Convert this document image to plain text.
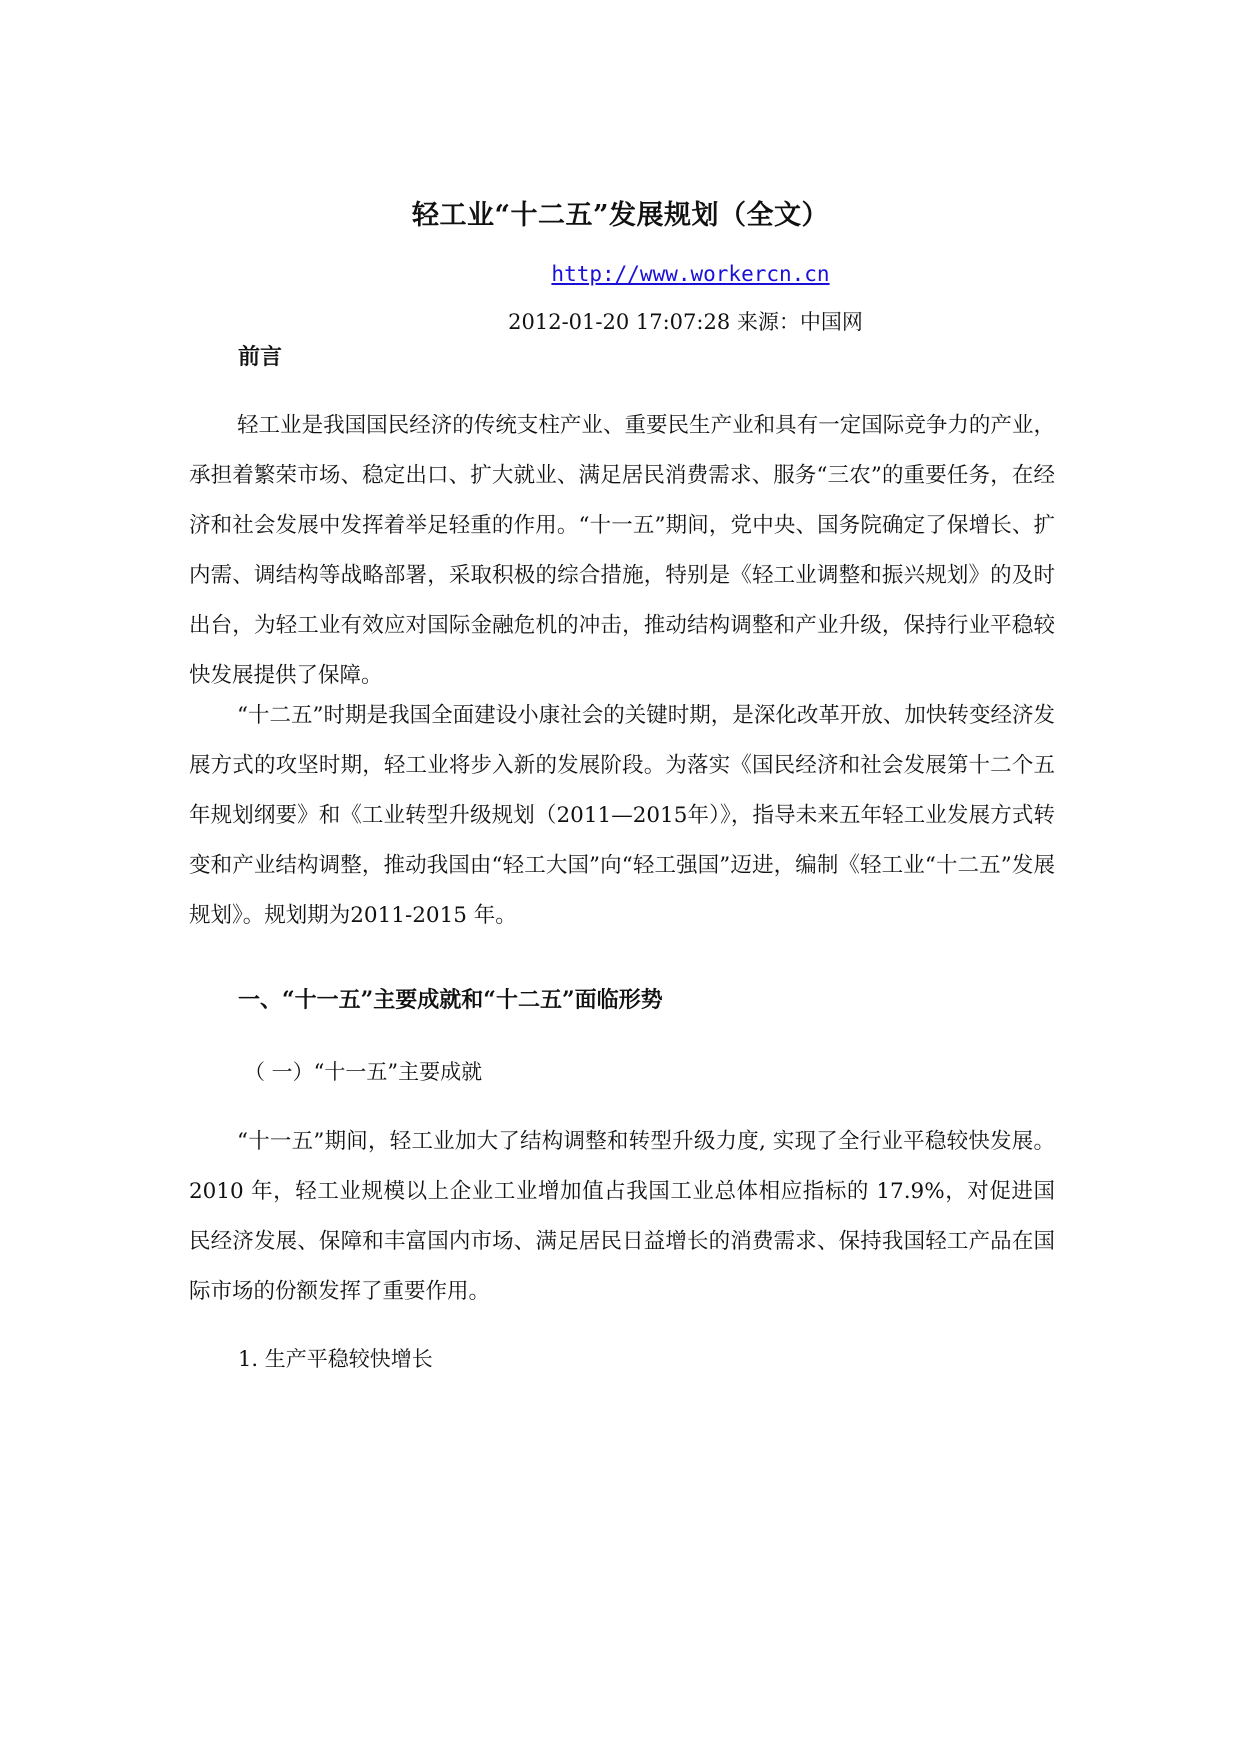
轻工业“十二五”发展规划（全文）
http://www.workercn.cn
2012-01-20 17:07:28 来源：中国网
前言
轻工业是我国国民经济的传统支柱产业、重要民生产业和具有一定国际竞争力的产业，承担着繁荣市场、稳定出口、扩大就业、满足居民消费需求、服务“三农”的重要任务，在经济和社会发展中发挥着举足轻重的作用。“十一五”期间，党中央、国务院确定了保增长、扩内需、调结构等战略部署，采取积极的综合措施，特别是《轻工业调整和振兴规划》的及时出台，为轻工业有效应对国际金融危机的冲击，推动结构调整和产业升级，保持行业平稳较快发展提供了保障。
“十二五”时期是我国全面建设小康社会的关键时期，是深化改革开放、加快转变经济发展方式的攻坚时期，轻工业将步入新的发展阶段。为落实《国民经济和社会发展第十二个五年规划纲要》和《工业转型升级规划（2011—2015年）》，指导未来五年轻工业发展方式转变和产业结构调整，推动我国由“轻工大国”向“轻工强国”迈进，编制《轻工业“十二五”发展规划》。规划期为2011-2015 年。
一、“十一五”主要成就和“十二五”面临形势
（ 一）“十一五”主要成就
“十一五”期间，轻工业加大了结构调整和转型升级力度, 实现了全行业平稳较快发展。2010 年，轻工业规模以上企业工业增加值占我国工业总体相应指标的 17.9%，对促进国民经济发展、保障和丰富国内市场、满足居民日益增长的消费需求、保持我国轻工产品在国际市场的份额发挥了重要作用。
1. 生产平稳较快增长
